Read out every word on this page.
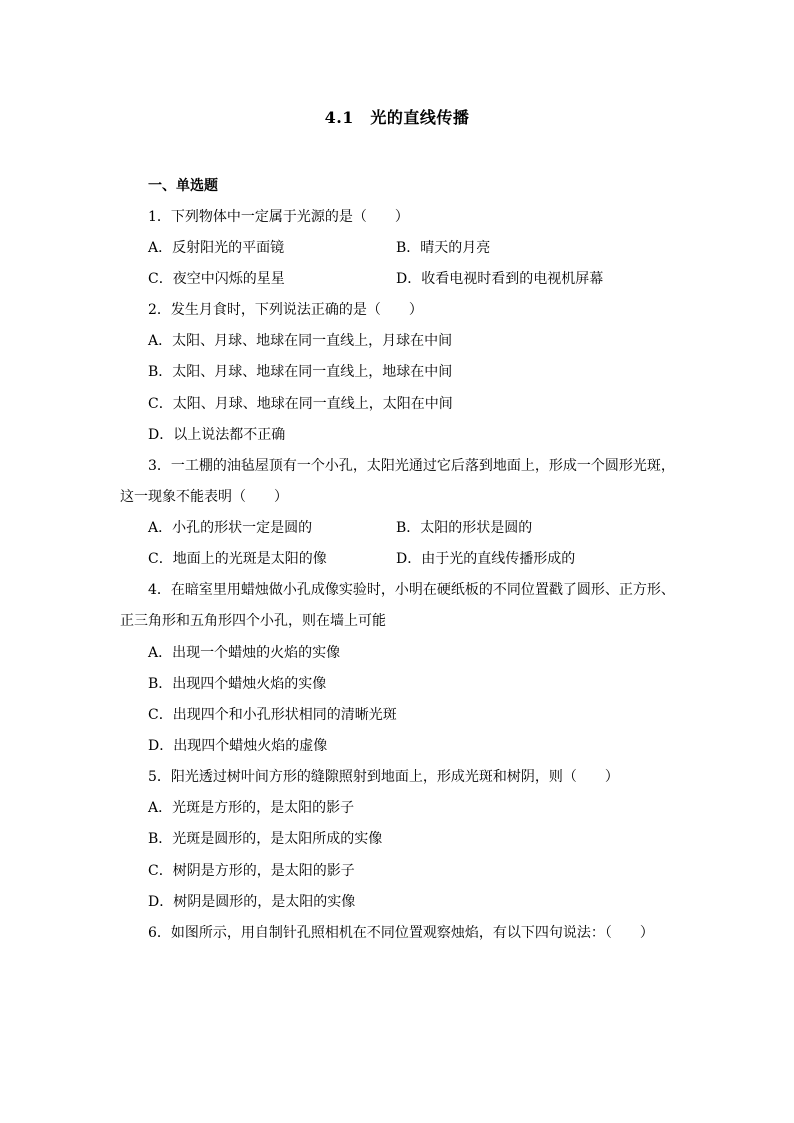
4.1　光的直线传播
一、单选题
1．下列物体中一定属于光源的是（　　）
A．反射阳光的平面镜	B．晴天的月亮
C．夜空中闪烁的星星	D．收看电视时看到的电视机屏幕
2．发生月食时，下列说法正确的是（　　）
A．太阳、月球、地球在同一直线上，月球在中间
B．太阳、月球、地球在同一直线上，地球在中间
C．太阳、月球、地球在同一直线上，太阳在中间
D．以上说法都不正确
3．一工棚的油毡屋顶有一个小孔，太阳光通过它后落到地面上，形成一个圆形光斑，
这一现象不能表明（　　）
A．小孔的形状一定是圆的	B．太阳的形状是圆的
C．地面上的光斑是太阳的像	D．由于光的直线传播形成的
4．在暗室里用蜡烛做小孔成像实验时，小明在硬纸板的不同位置戳了圆形、正方形、
正三角形和五角形四个小孔，则在墙上可能
A．出现一个蜡烛的火焰的实像
B．出现四个蜡烛火焰的实像
C．出现四个和小孔形状相同的清晰光斑
D．出现四个蜡烛火焰的虚像
5．阳光透过树叶间方形的缝隙照射到地面上，形成光斑和树阴，则（　　）
A．光斑是方形的，是太阳的影子
B．光斑是圆形的，是太阳所成的实像
C．树阴是方形的，是太阳的影子
D．树阴是圆形的，是太阳的实像
6．如图所示，用自制针孔照相机在不同位置观察烛焰，有以下四句说法：（　　）
